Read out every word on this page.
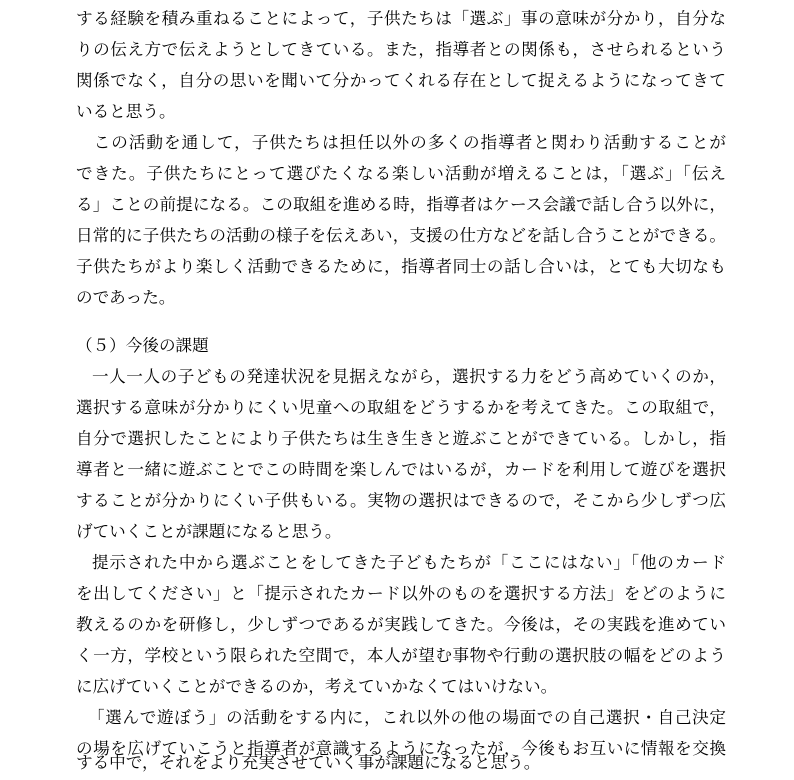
する経験を積み重ねることによって，子供たちは「選ぶ」事の意味が分かり，自分な
りの伝え方で伝えようとしてきている。また，指導者との関係も，させられるという
関係でなく，自分の思いを聞いて分かってくれる存在として捉えるようになってきて
いると思う。
　この活動を通して，子供たちは担任以外の多くの指導者と関わり活動することが
できた。子供たちにとって選びたくなる楽しい活動が増えることは，「選ぶ」「伝え
る」ことの前提になる。この取組を進める時，指導者はケース会議で話し合う以外に，
日常的に子供たちの活動の様子を伝えあい，支援の仕方などを話し合うことができる。
子供たちがより楽しく活動できるために，指導者同士の話し合いは，とても大切なも
のであった。
（５）今後の課題
一人一人の子どもの発達状況を見据えながら，選択する力をどう高めていくのか，
選択する意味が分かりにくい児童への取組をどうするかを考えてきた。この取組で，
自分で選択したことにより子供たちは生き生きと遊ぶことができている。しかし，指
導者と一緒に遊ぶことでこの時間を楽しんではいるが，カードを利用して遊びを選択
することが分かりにくい子供もいる。実物の選択はできるので，そこから少しずつ広
げていくことが課題になると思う。
提示された中から選ぶことをしてきた子どもたちが「ここにはない」「他のカード
を出してください」と「提示されたカード以外のものを選択する方法」をどのように
教えるのかを研修し，少しずつであるが実践してきた。今後は，その実践を進めてい
く一方，学校という限られた空間で，本人が望む事物や行動の選択肢の幅をどのよう
に広げていくことができるのか，考えていかなくてはいけない。
「選んで遊ぼう」の活動をする内に，これ以外の他の場面での自己選択・自己決定
の場を広げていこうと指導者が意識するようになったが，今後もお互いに情報を交換
する中で，それをより充実させていく事が課題になると思う。
